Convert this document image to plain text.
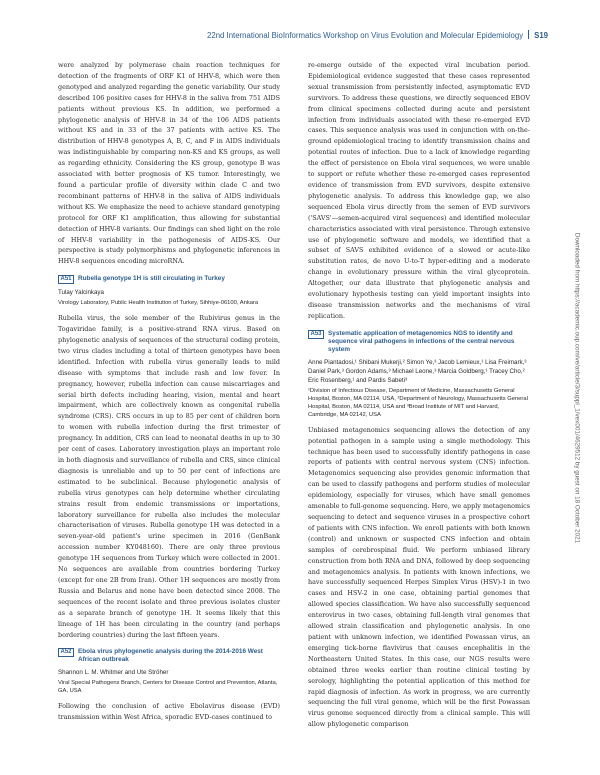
22nd International BioInformatics Workshop on Virus Evolution and Molecular Epidemiology S19

were analyzed by polymerase chain reaction techniques for detection of the fragments of ORF K1 of HHV-8, which were then genotyped and analyzed regarding the genetic variability. Our study described 106 positive cases for HHV-8 in the saliva from 751 AIDS patients without previous KS. In addition, we performed a phylogenetic analysis of HHV-8 in 34 of the 106 AIDS patients without KS and in 33 of the 37 patients with active KS. The distribution of HHV-8 genotypes A, B, C, and F in AIDS individuals was indistinguishable by comparing non-KS and KS groups, as well as regarding ethnicity. Considering the KS group, genotype B was associated with better prognosis of KS tumor. Interestingly, we found a particular profile of diversity within clade C and two recombinant patterns of HHV-8 in the saliva of AIDS individuals without KS. We emphasize the need to achieve standard genotyping protocol for ORF K1 amplification, thus allowing for substantial detection of HHV-8 variants. Our findings can shed light on the role of HHV-8 variability in the pathogenesis of AIDS-KS. Our perspective is study polymorphisms and phylogenetic inferences in HHV-8 sequences encoding microRNA.

A51	Rubella genotype 1H is still circulating in Turkey
Tulay Yalcinkaya
Virology Laboratory, Public Health Institution of Turkey, Sihhiye-06100, Ankara

Rubella virus, the sole member of the Rubivirus genus in the Togaviridae family, is a positive-strand RNA virus. Based on phylogenetic analysis of sequences of the structural coding protein, two virus clades including a total of thirteen genotypes have been identified. Infection with rubella virus generally leads to mild disease with symptoms that include rash and low fever. In pregnancy, however, rubella infection can cause miscarriages and serial birth defects including hearing, vision, mental and heart impairment, which are collectively known as congenital rubella syndrome (CRS). CRS occurs in up to 85 per cent of children born to women with rubella infection during the first trimester of pregnancy. In addition, CRS can lead to neonatal deaths in up to 30 per cent of cases. Laboratory investigation plays an important role in both diagnosis and surveillance of rubella and CRS, since clinical diagnosis is unreliable and up to 50 per cent of infections are estimated to be subclinical. Because phylogenetic analysis of rubella virus genotypes can help determine whether circulating strains result from endemic transmissions or importations, laboratory surveillance for rubella also includes the molecular characterisation of viruses. Rubella genotype 1H was detected in a seven-year-old patient's urine specimen in 2016 (GenBank accession number KY048160). There are only three previous genotype 1H sequences from Turkey which were collected in 2001. No sequences are available from countries bordering Turkey (except for one 2B from Iran). Other 1H sequences are mostly from Russia and Belarus and none have been detected since 2008. The sequences of the recent isolate and three previous isolates cluster as a separate branch of genotype 1H. It seems likely that this lineage of 1H has been circulating in the country (and perhaps bordering countries) during the last fifteen years.

A52	Ebola virus phylogenetic analysis during the 2014-2016 West African outbreak
Shannon L. M. Whitmer and Ute Ströher
Viral Special Pathogens Branch, Centers for Disease Control and Prevention, Atlanta, GA, USA

Following the conclusion of active Ebolavirus disease (EVD) transmission within West Africa, sporadic EVD-cases continued to

re-emerge outside of the expected viral incubation period. Epidemiological evidence suggested that these cases represented sexual transmission from persistently infected, asymptomatic EVD survivors. To address these questions, we directly sequenced EBOV from clinical specimens collected during acute and persistent infection from individuals associated with these re-emerged EVD cases. This sequence analysis was used in conjunction with on-the-ground epidemiological tracing to identify transmission chains and potential routes of infection. Due to a lack of knowledge regarding the effect of persistence on Ebola viral sequences, we were unable to support or refute whether these re-emerged cases represented evidence of transmission from EVD survivors, despite extensive phylogenetic analysis. To address this knowledge gap, we also sequenced Ebola virus directly from the semen of EVD survivors ('SAVS'—semen-acquired viral sequences) and identified molecular characteristics associated with viral persistence. Through extensive use of phylogenetic software and models, we identified that a subset of SAVS exhibited evidence of a slowed or acute-like substitution rates, de novo U-to-T hyper-editing and a moderate change in evolutionary pressure within the viral glycoprotein. Altogether, our data illustrate that phylogenetic analysis and evolutionary hypothesis testing can yield important insights into disease transmission networks and the mechanisms of viral replication.

A53	Systematic application of metagenomics NGS to identify and sequence viral pathogens in infections of the central nervous system
Anne Piantadosi,¹ Shibani Mukerji,² Simon Ye,³ Jacob Lemieux,¹ Lisa Freimark,³ Daniel Park,³ Gordon Adams,³ Michael Leone,³ Marcia Goldberg,¹ Tracey Cho,² Eric Rosenberg,¹ and Pardis Sabeti³
¹Division of Infectious Disease, Department of Medicine, Massachusetts General Hospital, Boston, MA 02114, USA, ²Department of Neurology, Massachusetts General Hospital, Boston, MA 02114, USA and ³Broad Institute of MIT and Harvard, Cambridge, MA 02142, USA

Unbiased metagenomics sequencing allows the detection of any potential pathogen in a sample using a single methodology. This technique has been used to successfully identify pathogens in case reports of patients with central nervous system (CNS) infection. Metagenomics sequencing also provides genomic information that can be used to classify pathogens and perform studies of molecular epidemiology, especially for viruses, which have small genomes amenable to full-genome sequencing. Here, we apply metagenomics sequencing to detect and sequence viruses in a prospective cohort of patients with CNS infection. We enroll patients with both known (control) and unknown or suspected CNS infection and obtain samples of cerebrospinal fluid. We perform unbiased library construction from both RNA and DNA, followed by deep sequencing and metagenomics analysis. In patients with known infections, we have successfully sequenced Herpes Simplex Virus (HSV)-1 in two cases and HSV-2 in one case, obtaining partial genomes that allowed species classification. We have also successfully sequenced enterovirus in two cases, obtaining full-length viral genomes that allowed strain classification and phylogenetic analysis. In one patient with unknown infection, we identified Powassan virus, an emerging tick-borne flavivirus that causes encephalitis in the Northeastern United States. In this case, our NGS results were obtained three weeks earlier than routine clinical testing by serology, highlighting the potential application of this method for rapid diagnosis of infection. As work in progress, we are currently sequencing the full viral genome, which will be the first Powassan virus genome sequenced directly from a clinical sample. This will allow phylogenetic comparison

Downloaded from https://academic.oup.com/ve/article/3/suppl_1/vex001/4629512 by guest on 18 October 2021
